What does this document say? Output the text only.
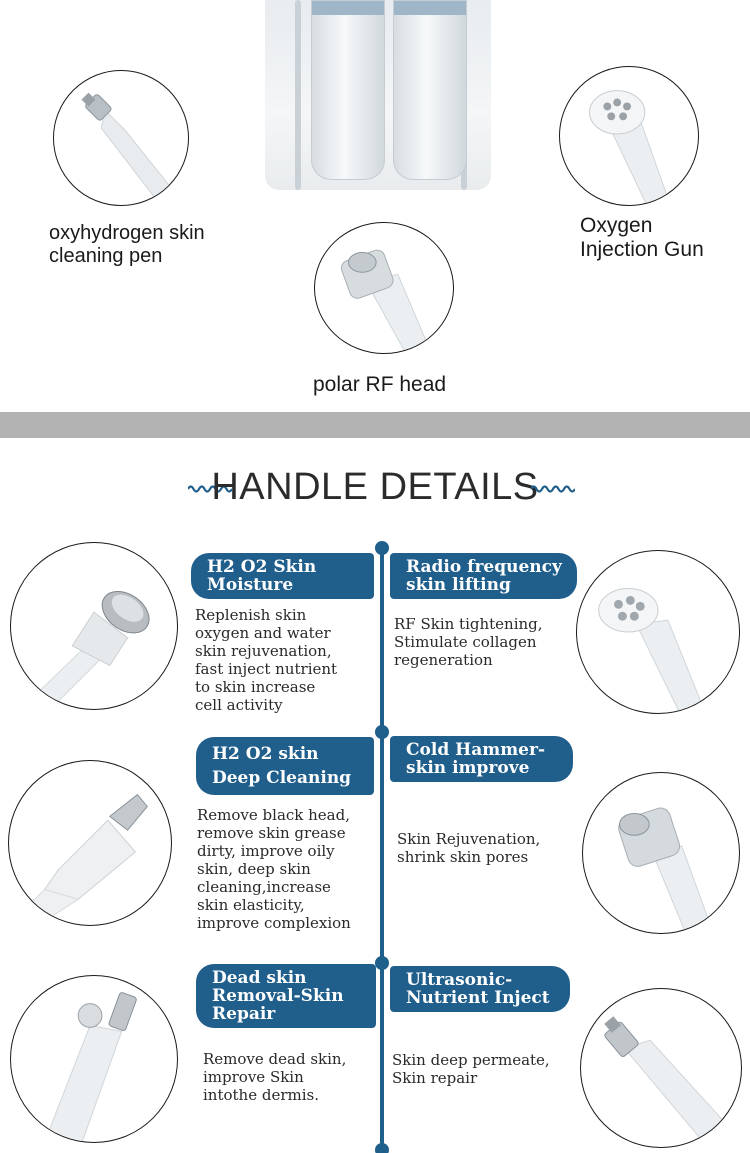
oxyhydrogen skin
cleaning pen
Oxygen
Injection Gun
polar RF head
HANDLE DETAILS
H2 O2 Skin
Moisture
Replenish skin
oxygen and water
skin rejuvenation,
fast inject nutrient
to skin increase
cell activity
Radio frequency
skin lifting
RF Skin tightening,
Stimulate collagen
regeneration
H2 O2 skin
Deep Cleaning
Remove black head,
remove skin grease
dirty, improve oily
skin, deep skin
cleaning,increase
skin elasticity,
improve complexion
Cold Hammer-
skin improve
Skin Rejuvenation,
shrink skin pores
Dead skin
Removal-Skin
Repair
Remove dead skin,
improve Skin
intothe dermis.
Ultrasonic-
Nutrient Inject
Skin deep permeate,
Skin repair
